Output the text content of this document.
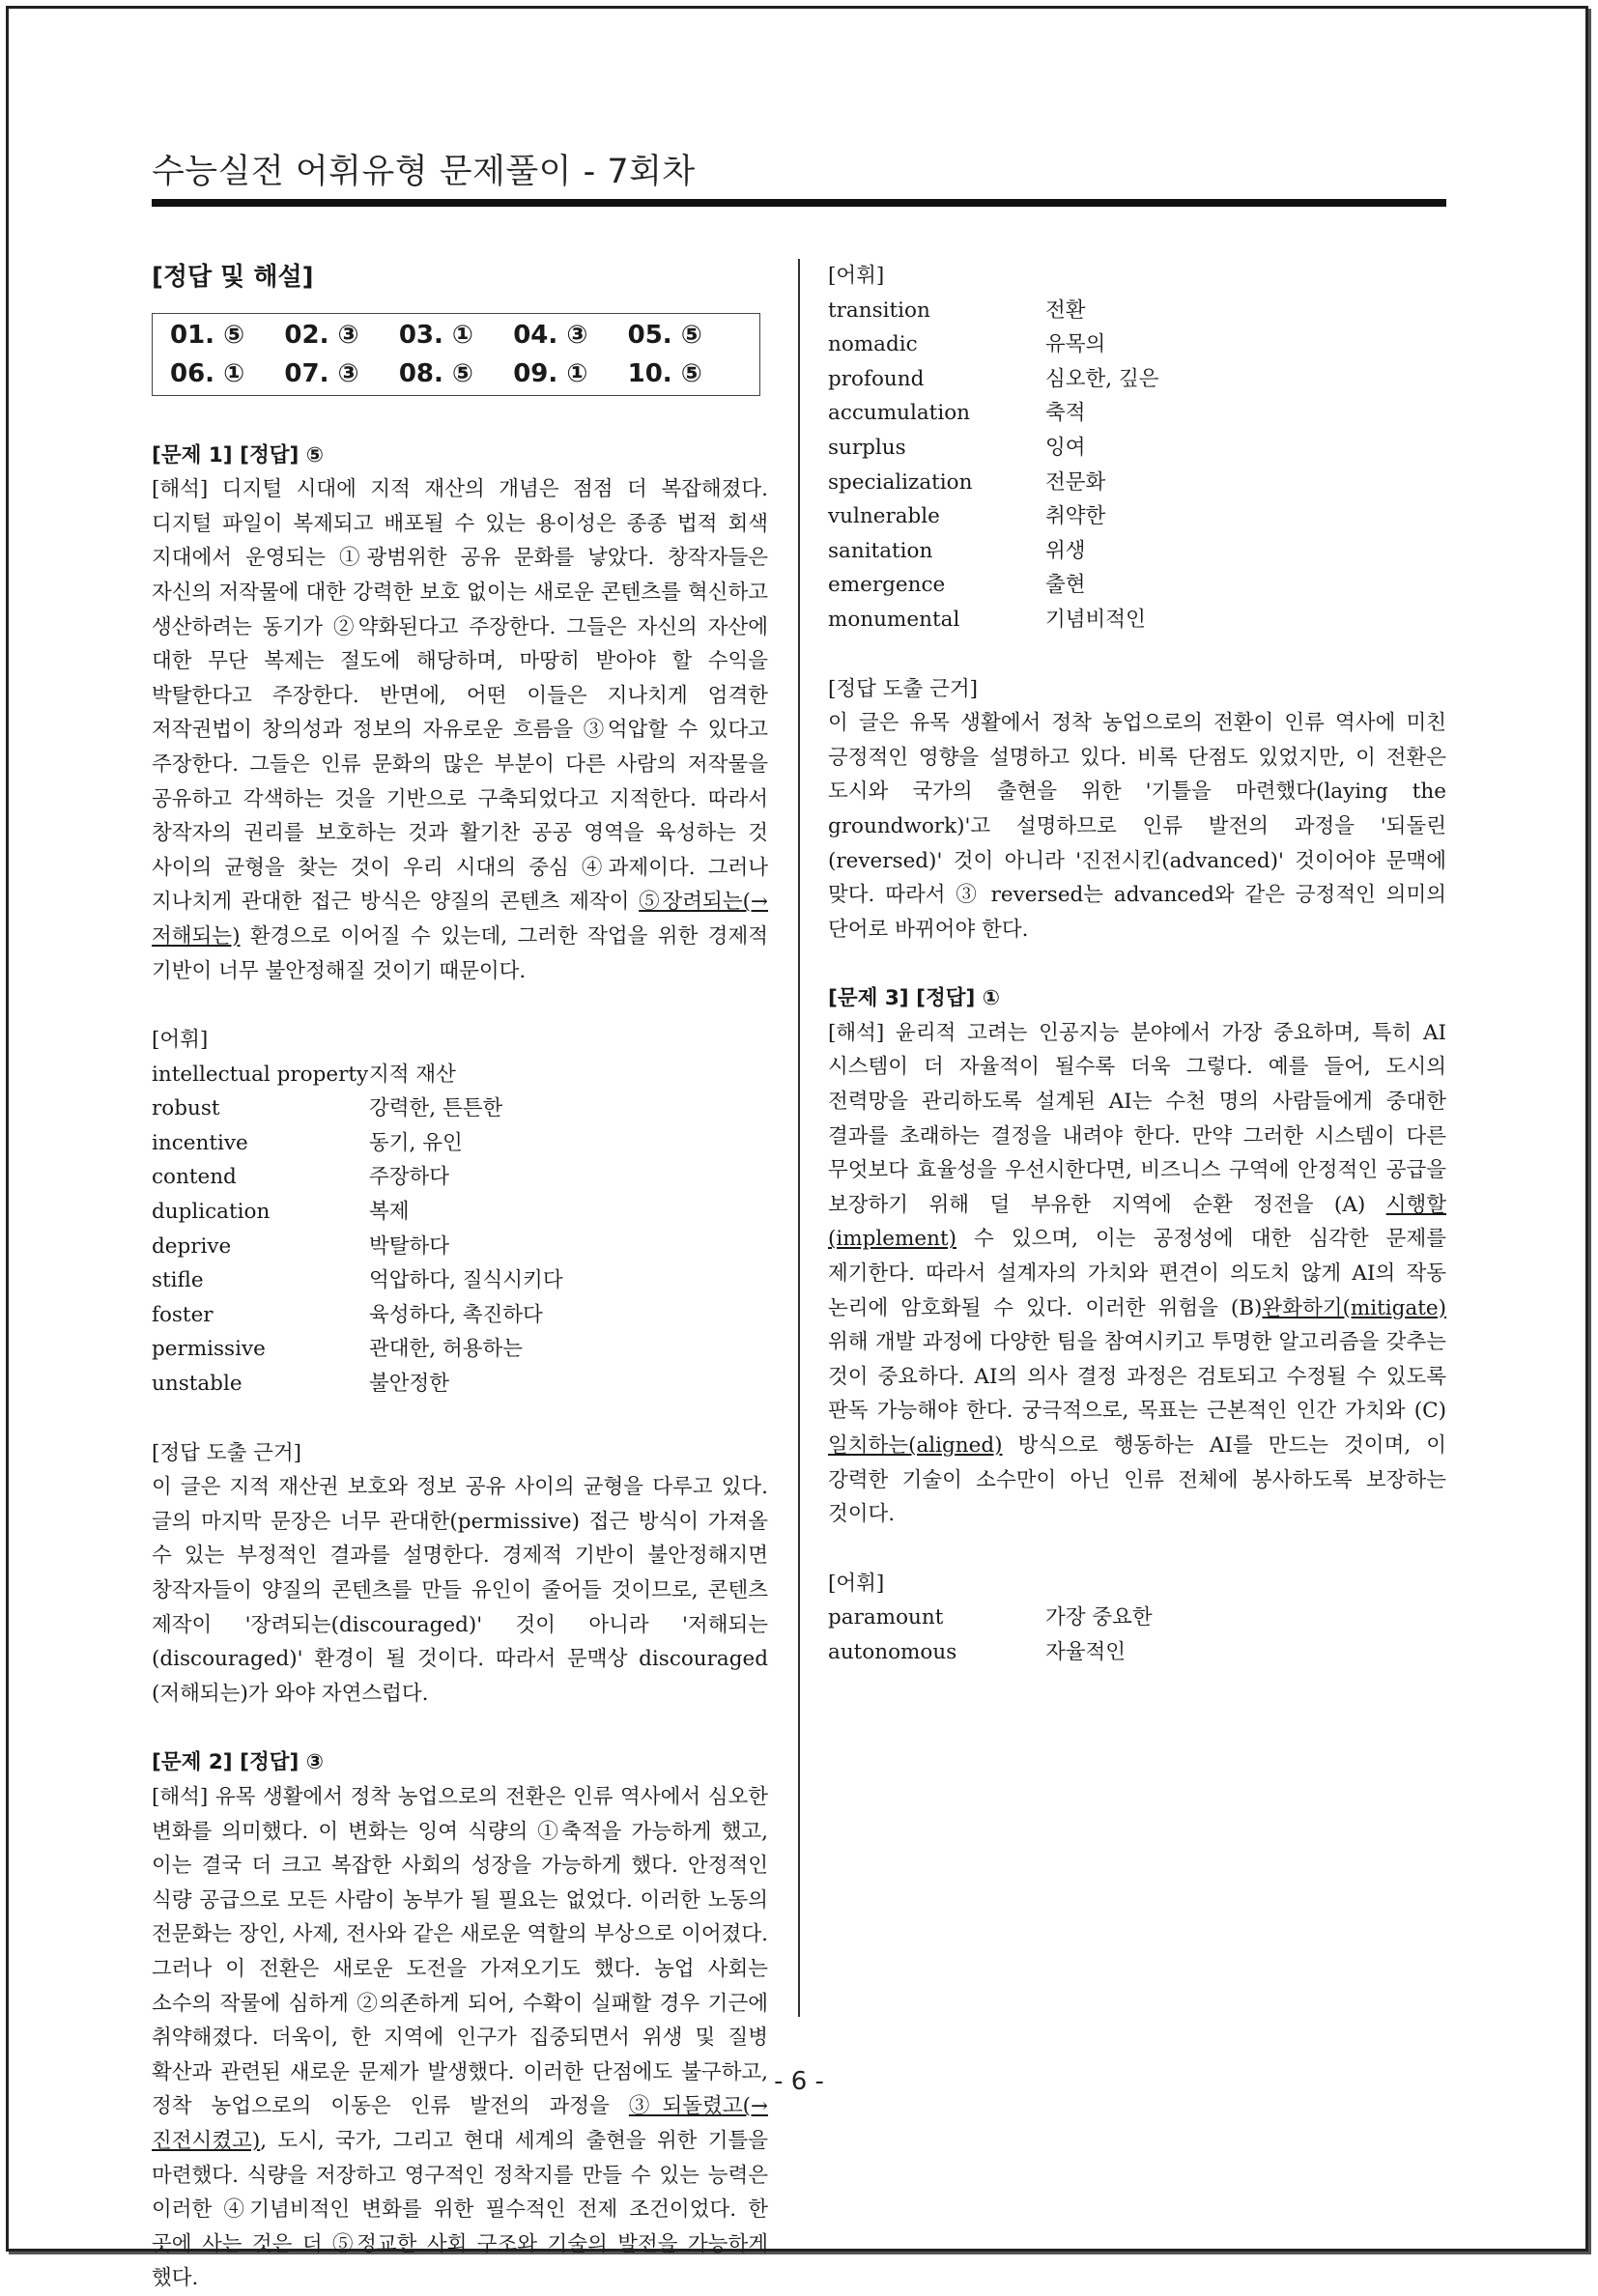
수능실전 어휘유형 문제풀이 - 7회차
[정답 및 해설]
01. ⑤	02. ③	03. ①	04. ③	05. ⑤
06. ①	07. ③	08. ⑤	09. ①	10. ⑤
[문제 1] [정답] ⑤
[해석] 디지털 시대에 지적 재산의 개념은 점점 더 복잡해졌다. 디지털 파일이 복제되고 배포될 수 있는 용이성은 종종 법적 회색 지대에서 운영되는 ①광범위한 공유 문화를 낳았다. 창작자들은 자신의 저작물에 대한 강력한 보호 없이는 새로운 콘텐츠를 혁신하고 생산하려는 동기가 ②약화된다고 주장한다. 그들은 자신의 자산에 대한 무단 복제는 절도에 해당하며, 마땅히 받아야 할 수익을 박탈한다고 주장한다. 반면에, 어떤 이들은 지나치게 엄격한 저작권법이 창의성과 정보의 자유로운 흐름을 ③억압할 수 있다고 주장한다. 그들은 인류 문화의 많은 부분이 다른 사람의 저작물을 공유하고 각색하는 것을 기반으로 구축되었다고 지적한다. 따라서 창작자의 권리를 보호하는 것과 활기찬 공공 영역을 육성하는 것 사이의 균형을 찾는 것이 우리 시대의 중심 ④과제이다. 그러나 지나치게 관대한 접근 방식은 양질의 콘텐츠 제작이 ⑤장려되는(→ 저해되는) 환경으로 이어질 수 있는데, 그러한 작업을 위한 경제적 기반이 너무 불안정해질 것이기 때문이다.
[어휘]
intellectual property 지적 재산
robust	강력한, 튼튼한
incentive	동기, 유인
contend	주장하다
duplication	복제
deprive	박탈하다
stifle	억압하다, 질식시키다
foster	육성하다, 촉진하다
permissive	관대한, 허용하는
unstable	불안정한
[정답 도출 근거]
이 글은 지적 재산권 보호와 정보 공유 사이의 균형을 다루고 있다. 글의 마지막 문장은 너무 관대한(permissive) 접근 방식이 가져올 수 있는 부정적인 결과를 설명한다. 경제적 기반이 불안정해지면 창작자들이 양질의 콘텐츠를 만들 유인이 줄어들 것이므로, 콘텐츠 제작이 '장려되는(discouraged)' 것이 아니라 '저해되는(discouraged)' 환경이 될 것이다. 따라서 문맥상 discouraged (저해되는)가 와야 자연스럽다.
[문제 2] [정답] ③
[해석] 유목 생활에서 정착 농업으로의 전환은 인류 역사에서 심오한 변화를 의미했다. 이 변화는 잉여 식량의 ①축적을 가능하게 했고, 이는 결국 더 크고 복잡한 사회의 성장을 가능하게 했다. 안정적인 식량 공급으로 모든 사람이 농부가 될 필요는 없었다. 이러한 노동의 전문화는 장인, 사제, 전사와 같은 새로운 역할의 부상으로 이어졌다. 그러나 이 전환은 새로운 도전을 가져오기도 했다. 농업 사회는 소수의 작물에 심하게 ②의존하게 되어, 수확이 실패할 경우 기근에 취약해졌다. 더욱이, 한 지역에 인구가 집중되면서 위생 및 질병 확산과 관련된 새로운 문제가 발생했다. 이러한 단점에도 불구하고, 정착 농업으로의 이동은 인류 발전의 과정을 ③되돌렸고(→ 진전시켰고), 도시, 국가, 그리고 현대 세계의 출현을 위한 기틀을 마련했다. 식량을 저장하고 영구적인 정착지를 만들 수 있는 능력은 이러한 ④기념비적인 변화를 위한 필수적인 전제 조건이었다. 한 곳에 사는 것은 더 ⑤정교한 사회 구조와 기술의 발전을 가능하게 했다.
[어휘]
transition	전환
nomadic	유목의
profound	심오한, 깊은
accumulation	축적
surplus	잉여
specialization	전문화
vulnerable	취약한
sanitation	위생
emergence	출현
monumental	기념비적인
[정답 도출 근거]
이 글은 유목 생활에서 정착 농업으로의 전환이 인류 역사에 미친 긍정적인 영향을 설명하고 있다. 비록 단점도 있었지만, 이 전환은 도시와 국가의 출현을 위한 '기틀을 마련했다(laying the groundwork)'고 설명하므로 인류 발전의 과정을 '되돌린(reversed)' 것이 아니라 '진전시킨(advanced)' 것이어야 문맥에 맞다. 따라서 ③ reversed는 advanced와 같은 긍정적인 의미의 단어로 바뀌어야 한다.
[문제 3] [정답] ①
[해석] 윤리적 고려는 인공지능 분야에서 가장 중요하며, 특히 AI 시스템이 더 자율적이 될수록 더욱 그렇다. 예를 들어, 도시의 전력망을 관리하도록 설계된 AI는 수천 명의 사람들에게 중대한 결과를 초래하는 결정을 내려야 한다. 만약 그러한 시스템이 다른 무엇보다 효율성을 우선시한다면, 비즈니스 구역에 안정적인 공급을 보장하기 위해 덜 부유한 지역에 순환 정전을 (A) 시행할(implement) 수 있으며, 이는 공정성에 대한 심각한 문제를 제기한다. 따라서 설계자의 가치와 편견이 의도치 않게 AI의 작동 논리에 암호화될 수 있다. 이러한 위험을 (B)완화하기(mitigate) 위해 개발 과정에 다양한 팀을 참여시키고 투명한 알고리즘을 갖추는 것이 중요하다. AI의 의사 결정 과정은 검토되고 수정될 수 있도록 판독 가능해야 한다. 궁극적으로, 목표는 근본적인 인간 가치와 (C)일치하는(aligned) 방식으로 행동하는 AI를 만드는 것이며, 이 강력한 기술이 소수만이 아닌 인류 전체에 봉사하도록 보장하는 것이다.
[어휘]
paramount	가장 중요한
autonomous	자율적인
- 6 -
